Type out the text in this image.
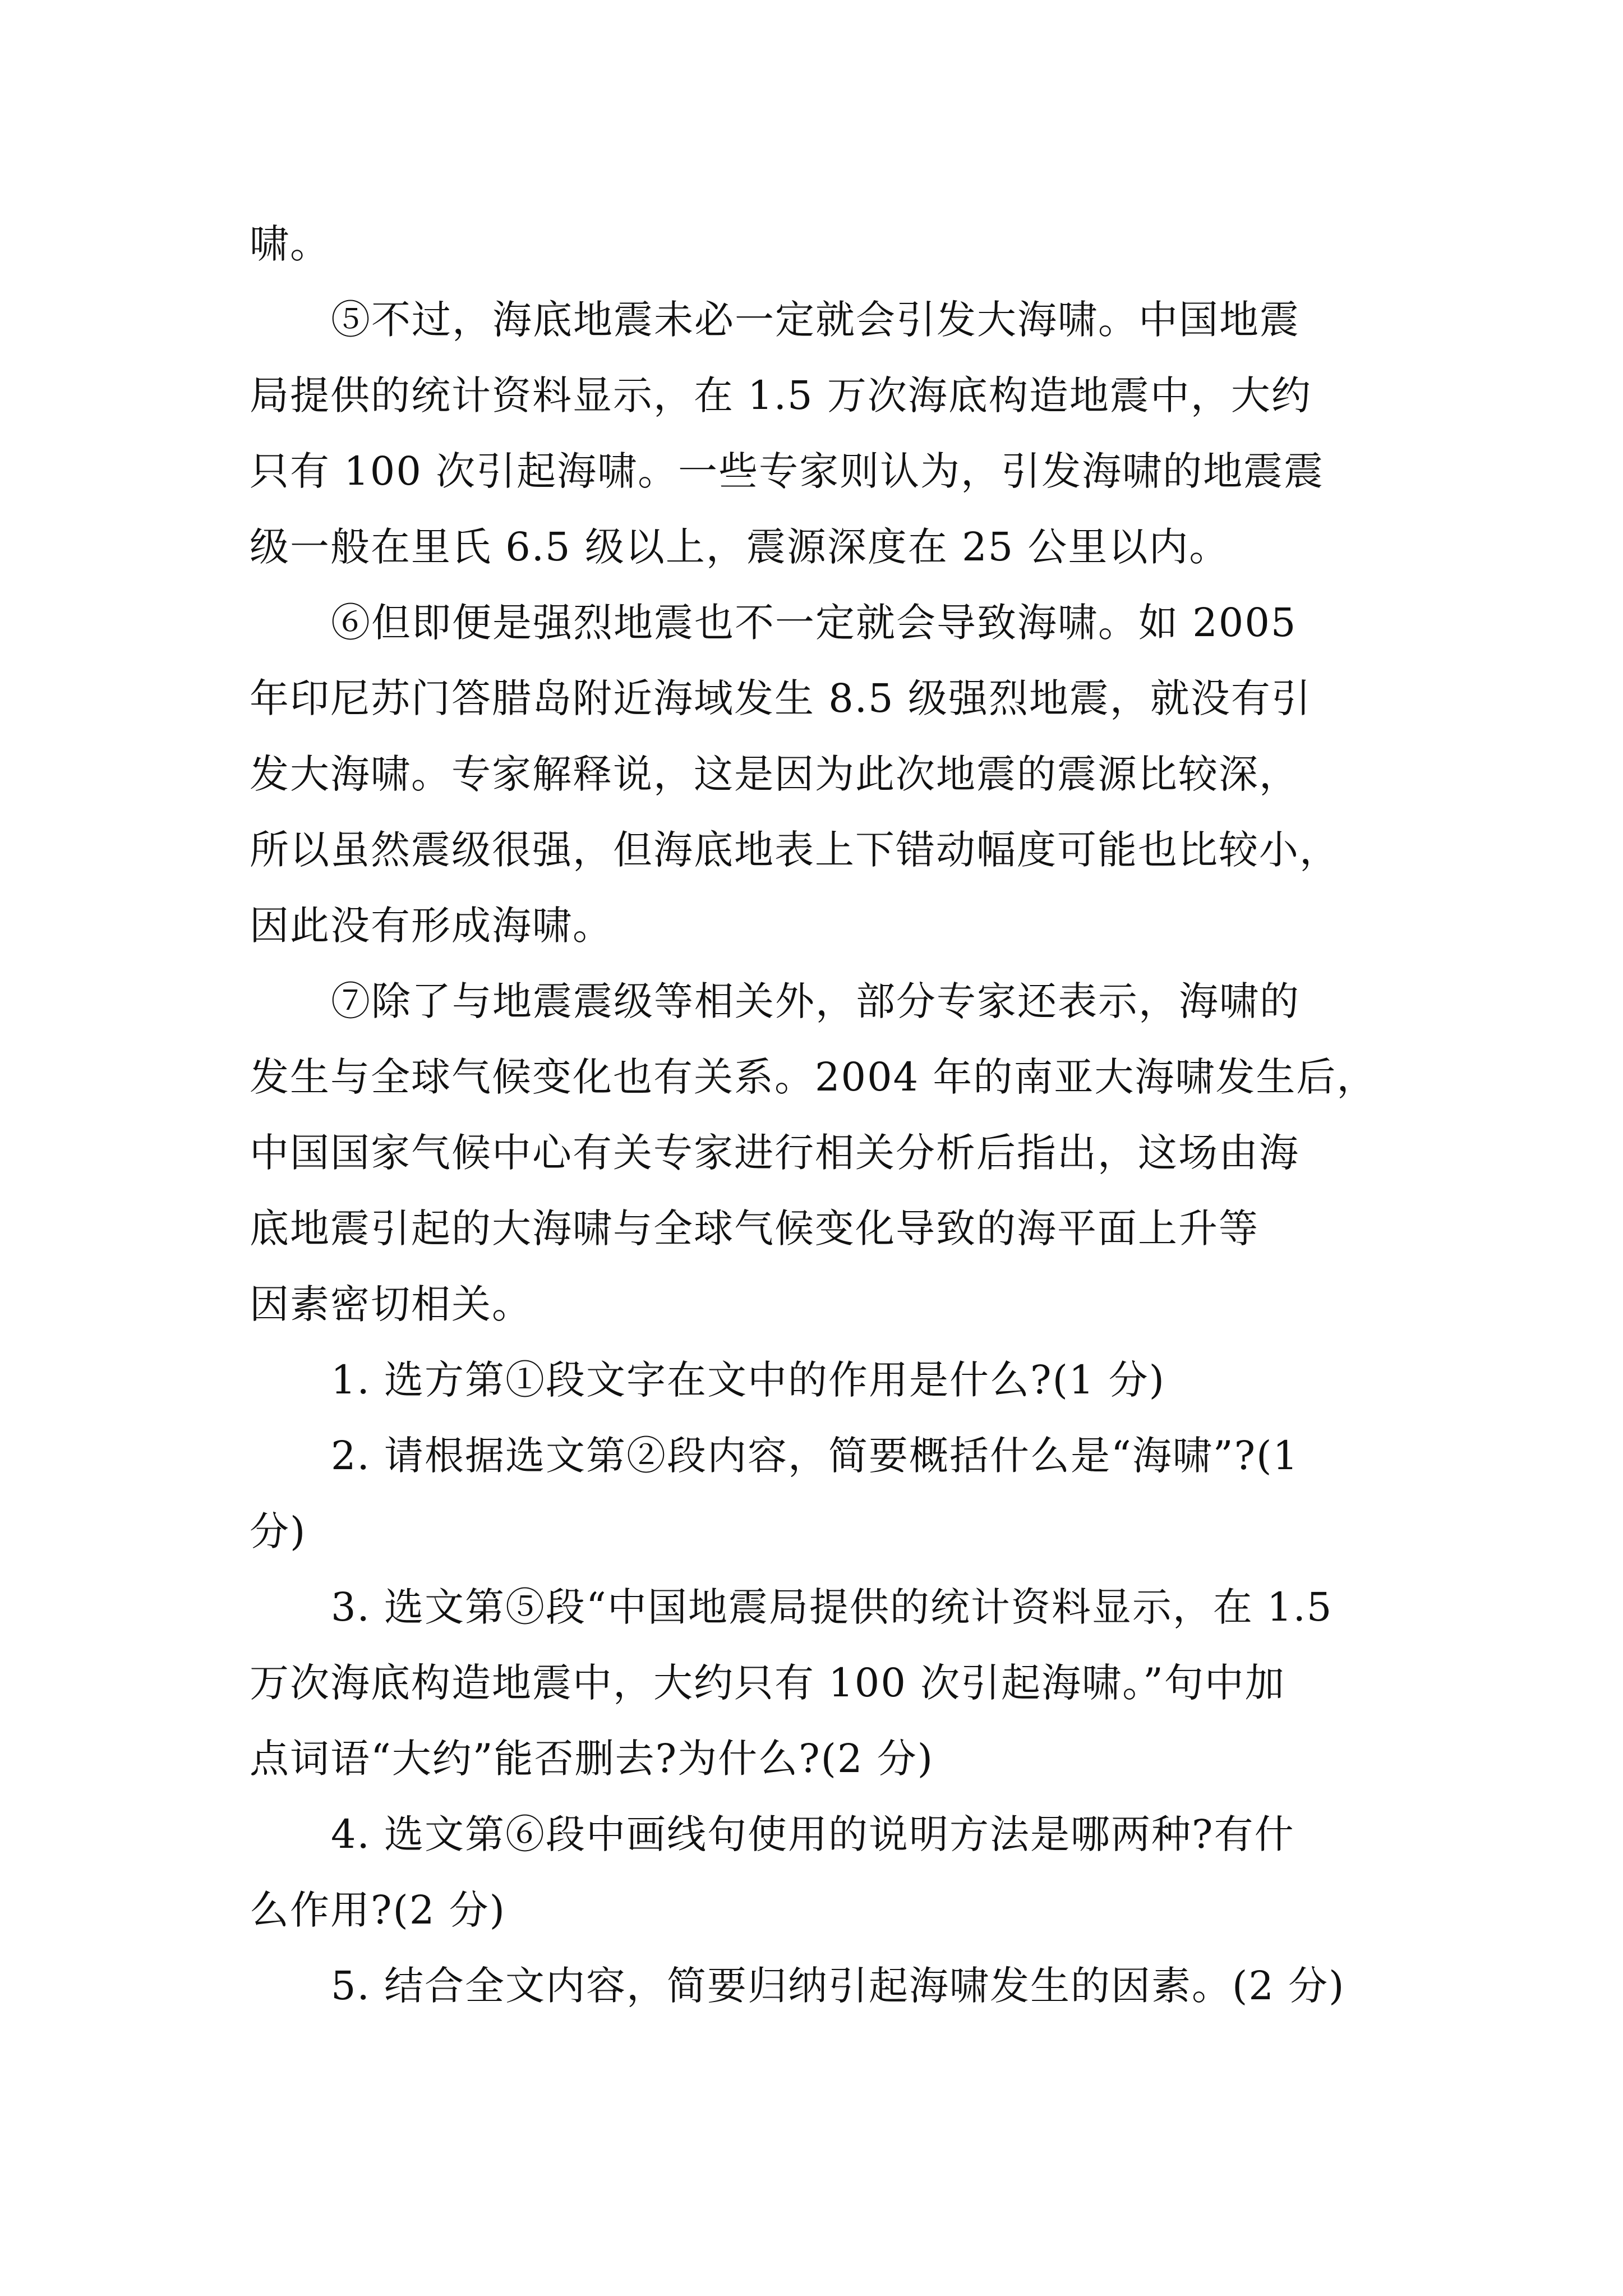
啸。

⑤不过，海底地震未必一定就会引发大海啸。中国地震

局提供的统计资料显示，在 1.5 万次海底构造地震中，大约

只有 100 次引起海啸。一些专家则认为，引发海啸的地震震

级一般在里氏 6.5 级以上，震源深度在 25 公里以内。

⑥但即便是强烈地震也不一定就会导致海啸。如 2005

年印尼苏门答腊岛附近海域发生 8.5 级强烈地震，就没有引

发大海啸。专家解释说，这是因为此次地震的震源比较深，

所以虽然震级很强，但海底地表上下错动幅度可能也比较小，

因此没有形成海啸。

⑦除了与地震震级等相关外，部分专家还表示，海啸的

发生与全球气候变化也有关系。2004 年的南亚大海啸发生后，

中国国家气候中心有关专家进行相关分析后指出，这场由海

底地震引起的大海啸与全球气候变化导致的海平面上升等

因素密切相关。

1. 选方第①段文字在文中的作用是什么?(1 分)

2. 请根据选文第②段内容，简要概括什么是“海啸”?(1

分)

3. 选文第⑤段“中国地震局提供的统计资料显示，在 1.5

万次海底构造地震中，大约只有 100 次引起海啸。”句中加

点词语“大约”能否删去?为什么?(2 分)

4. 选文第⑥段中画线句使用的说明方法是哪两种?有什

么作用?(2 分)

5. 结合全文内容，简要归纳引起海啸发生的因素。(2 分)
